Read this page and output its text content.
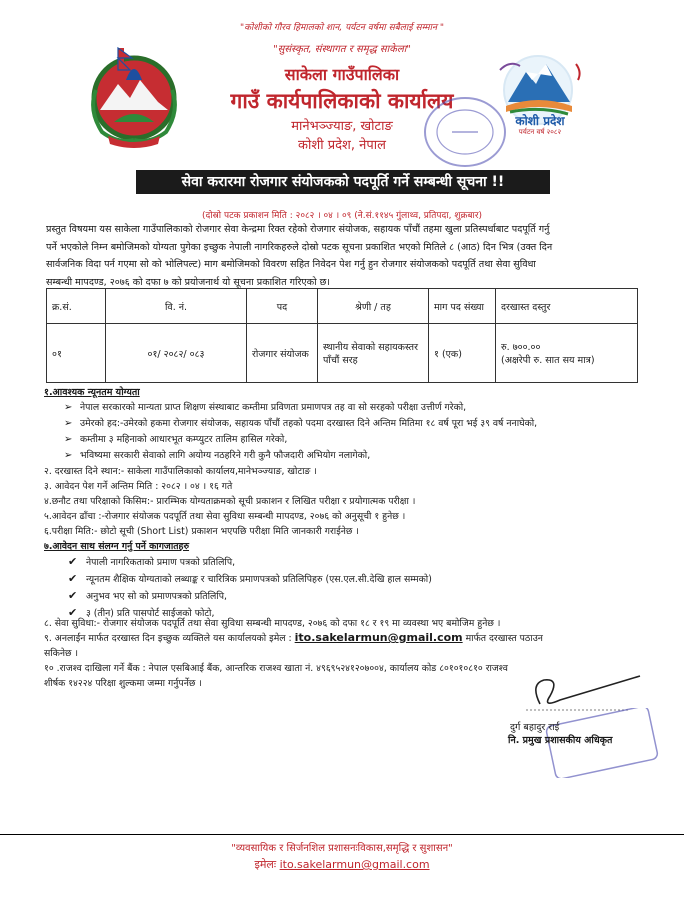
कोशी प्रदेश
पर्यटन वर्ष २०८२
"कोशीको गौरव हिमालको शान, पर्यटन वर्षमा सबैलाई सम्मान "
"सुसंस्कृत, संस्थागत र समृद्ध साकेला"
साकेला गाउँपालिका
गाउँ कार्यपालिकाको कार्यालय
मानेभञ्ज्याङ, खोटाङ
कोशी प्रदेश, नेपाल
सेवा करारमा रोजगार संयोजकको पदपूर्ति गर्ने सम्बन्धी सूचना !!
(दोस्रो पटक प्रकाशन मिति : २०८२ । ०४ । ०९ (ने.सं.११४५ गुंलाथ्व, प्रतिपदा, शुक्रबार)
प्रस्तुत विषयमा यस साकेला गाउँपालिकाको रोजगार सेवा केन्द्रमा रिक्त रहेको रोजगार संयोजक, सहायक पाँचौं तहमा खुला प्रतिस्पर्धाबाट पदपूर्ति गर्नु
पर्ने भएकोले निम्न बमोजिमको योग्यता पुगेका इच्छुक नेपाली नागरिकहरुले दोस्रो पटक सूचना प्रकाशित भएको मितिले ८ (आठ) दिन भित्र (उक्त दिन
सार्वजनिक विदा पर्न गएमा सो को भोलिपल्ट) माग बमोजिमको विवरण सहित निवेदन पेश गर्नु हुन रोजगार संयोजकको पदपूर्ति तथा सेवा सुविधा
सम्बन्धी मापदण्ड, २०७६ को दफा ७ को प्रयोजनार्थ यो सूचना प्रकाशित गरिएको छ।
क्र.सं.	वि. नं.	पद	श्रेणी / तह	माग पद संख्या	दरखास्त दस्तुर
०१	०१/ २०८२/ ०८३	रोजगार संयोजक	स्थानीय सेवाको सहायकस्तर पाँचौं सरह	१ (एक)	रु. ७००.००
(अक्षरेपी रु. सात सय मात्र)
१.आवश्यक न्यूनतम योग्यता
➢ नेपाल सरकारको मान्यता प्राप्त शिक्षण संस्थाबाट कम्तीमा प्रविणता प्रमाणपत्र तह वा सो सरहको परीक्षा उत्तीर्ण गरेको,
➢ उमेरको हद:-उमेरको हकमा रोजगार संयोजक, सहायक पाँचौं तहको पदमा दरखास्त दिने अन्तिम मितिमा १८ वर्ष पूरा भई ३९ वर्ष ननाघेको,
➢ कम्तीमा ३ महिनाको आधारभूत कम्प्युटर तालिम हासिल गरेको,
➢ भविष्यमा सरकारी सेवाको लागि अयोग्य नठहरिने गरी कुनै फौजदारी अभियोग नलागेको,
२. दरखास्त दिने स्थान:- साकेला गाउँपालिकाको कार्यालय,मानेभञ्ज्याङ, खोटाङ ।
३. आवेदन पेश गर्ने अन्तिम मिति : २०८२ । ०४ । १६ गते
४.छनौट तथा परिक्षाको किसिम:- प्रारम्भिक योग्यताक्रमको सूची प्रकाशन र लिखित परीक्षा र प्रयोगात्मक परीक्षा ।
५.आवेदन ढाँचा :-रोजगार संयोजक पदपूर्ति तथा सेवा सुविधा सम्बन्धी मापदण्ड, २०७६ को अनुसूची १ हुनेछ ।
६.परीक्षा मिति:- छोटो सूची (Short List) प्रकाशन भएपछि परीक्षा मिति जानकारी गराईनेछ ।
७.आवेदन साथ संलग्न गर्नु पर्ने कागजातहरु
✔ नेपाली नागरिकताको प्रमाण पत्रको प्रतिलिपि,
✔ न्यूनतम शैक्षिक योग्यताको लब्धाङ्क र चारित्रिक प्रमाणपत्रको प्रतिलिपिहरु (एस.एल.सी.देखि हाल सम्मको)
✔ अनुभव भए सो को प्रमाणपत्रको प्रतिलिपि,
✔ ३ (तीन) प्रति पासपोर्ट साईजको फोटो,
८. सेवा सुविधा:- रोजगार संयोजक पदपूर्ति तथा सेवा सुविधा सम्बन्धी मापदण्ड, २०७६ को दफा १८ र १९ मा व्यवस्था भए बमोजिम हुनेछ ।
९. अनलाईन मार्फत दरखास्त दिन इच्छुक व्यक्तिले यस कार्यालयको इमेल : ito.sakelarmun@gmail.com मार्फत दरखास्त पठाउन
सकिनेछ ।
१० .राजश्व दाखिला गर्ने बैंक : नेपाल एसबिआई बैंक, आन्तरिक राजश्व खाता नं. ४९६९५२४१२०७००४, कार्यालय कोड ८०१०१०८१० राजश्व
शीर्षक १४२२४ परिक्षा शुल्कमा जम्मा गर्नुपर्नेछ ।
दुर्ग बहादुर राई
नि. प्रमुख प्रशासकीय अधिकृत
"व्यवसायिक र सिर्जनशिल प्रशासनःविकास,समृद्धि र सुशासन"
इमेलः ito.sakelarmun@gmail.com
